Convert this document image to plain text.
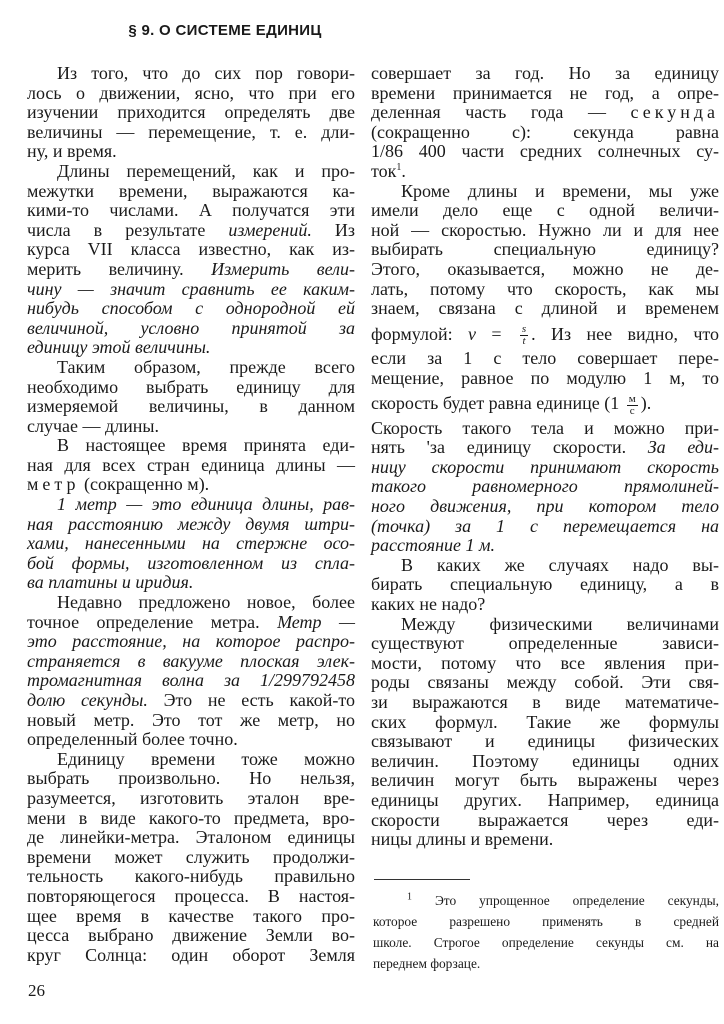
§ 9. О СИСТЕМЕ ЕДИНИЦ
Из того, что до сих пор говори-
лось о движении, ясно, что при его
изучении приходится определять две
величины — перемещение, т. е. дли-
ну, и время.
Длины перемещений, как и про-
межутки времени, выражаются ка-
кими-то числами. А получатся эти
числа в результате измерений. Из
курса VII класса известно, как из-
мерить величину. Измерить вели-
чину — значит сравнить ее каким-
нибудь способом с однородной ей
величиной, условно принятой за
единицу этой величины.
Таким образом, прежде всего
необходимо выбрать единицу для
измеряемой величины, в данном
случае — длины.
В настоящее время принята еди-
ная для всех стран единица длины —
метр (сокращенно м).
1 метр — это единица длины, рав-
ная расстоянию между двумя штри-
хами, нанесенными на стержне осо-
бой формы, изготовленном из спла-
ва платины и иридия.
Недавно предложено новое, более
точное определение метра. Метр —
это расстояние, на которое распро-
страняется в вакууме плоская элек-
тромагнитная волна за 1/299792458
долю секунды. Это не есть какой-то
новый метр. Это тот же метр, но
определенный более точно.
Единицу времени тоже можно
выбрать произвольно. Но нельзя,
разумеется, изготовить эталон вре-
мени в виде какого-то предмета, вро-
де линейки-метра. Эталоном единицы
времени может служить продолжи-
тельность какого-нибудь правильно
повторяющегося процесса. В настоя-
щее время в качестве такого про-
цесса выбрано движение Земли во-
круг Солнца: один оборот Земля
совершает за год. Но за единицу
времени принимается не год, а опре-
деленная часть года — секунда
(сокращенно с): секунда равна
1/86 400 части средних солнечных су-
ток$^1$.
Кроме длины и времени, мы уже
имели дело еще с одной величи-
ной — скоростью. Нужно ли и для нее
выбирать специальную единицу?
Этого, оказывается, можно не де-
лать, потому что скорость, как мы
знаем, связана с длиной и временем
формулой: $v = \frac{s}{t}$ . Из нее видно, что
если за 1 с тело совершает пере-
мещение, равное по модулю 1 м, то
скорость будет равна единице ($1 \frac{м}{с}$ ).
Скорость такого тела и можно при-
нять 'за единицу скорости. За еди-
ницу скорости принимают скорость
такого равномерного прямолиней-
ного движения, при котором тело
(точка) за 1 с перемещается на
расстояние 1 м.
В каких же случаях надо вы-
бирать специальную единицу, а в
каких не надо?
Между физическими величинами
существуют определенные зависи-
мости, потому что все явления при-
роды связаны между собой. Эти свя-
зи выражаются в виде математиче-
ских формул. Такие же формулы
связывают и единицы физических
величин. Поэтому единицы одних
величин могут быть выражены через
единицы других. Например, единица
скорости выражается через еди-
ницы длины и времени.
$^1$ Это упрощенное определение секунды,
которое разрешено применять в средней
школе. Строгое определение секунды см. на
переднем форзаце.
26
